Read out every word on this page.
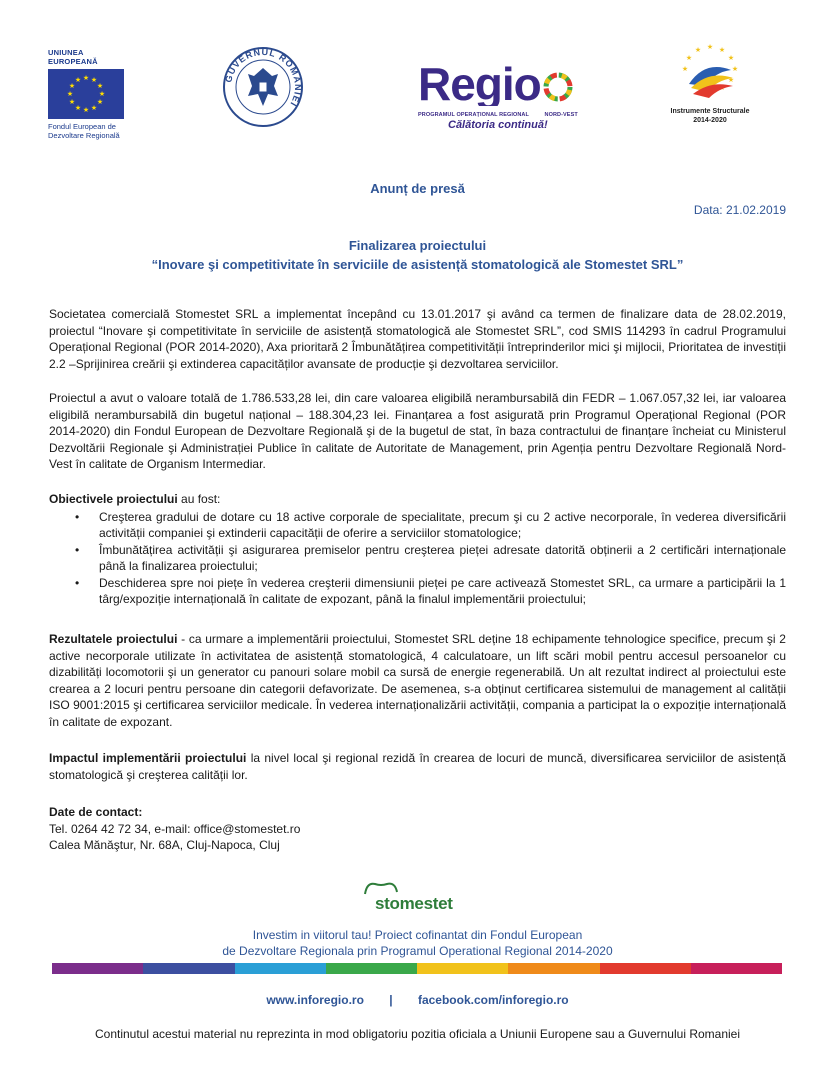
UNIUNEA EUROPEANĂ
★ ★
★
★
★
★
★
★
★
★
★
★
Fondul European de
Dezvoltare Regională
GUVERNUL ROMÂNIEI	Regio
PROGRAMUL OPERAȚIONAL REGIONAL	NORD-VEST
Călătoria continuă!
★ ★
★
★
★
★
★
★
Instrumente Structurale
2014-2020
Anunț de presă
Data: 21.02.2019
Finalizarea proiectului
“Inovare şi competitivitate în serviciile de asistență stomatologică ale Stomestet SRL”

Societatea comercială Stomestet SRL a implementat începând cu 13.01.2017 şi având ca termen de finalizare data de 28.02.2019, proiectul “Inovare şi competitivitate în serviciile de asistență stomatologică ale Stomestet SRL”, cod SMIS 114293 în cadrul Programului Operațional Regional (POR 2014-2020), Axa prioritară 2 Îmbunătățirea competitivității întreprinderilor mici şi mijlocii, Prioritatea de investiții 2.2 –Sprijinirea creării şi extinderea capacităților avansate de producție şi dezvoltarea serviciilor.

Proiectul a avut o valoare totală de 1.786.533,28 lei, din care valoarea eligibilă nerambursabilă din FEDR – 1.067.057,32 lei, iar valoarea eligibilă nerambursabilă din bugetul național – 188.304,23 lei. Finanțarea a fost asigurată prin Programul Operațional Regional (POR 2014-2020) din Fondul European de Dezvoltare Regională şi de la bugetul de stat, în baza contractului de finanțare încheiat cu Ministerul Dezvoltării Regionale şi Administrației Publice în calitate de Autoritate de Management, prin Agenția pentru Dezvoltare Regională Nord-Vest în calitate de Organism Intermediar.

Obiectivele proiectului au fost:
• Creşterea gradului de dotare cu 18 active corporale de specialitate, precum şi cu 2 active necorporale, în vederea diversificării activității companiei şi extinderii capacității de oferire a serviciilor stomatologice;
• Îmbunătățirea activității şi asigurarea premiselor pentru creşterea pieței adresate datorită obținerii a 2 certificări internaționale până la finalizarea proiectului;
• Deschiderea spre noi piețe în vederea creşterii dimensiunii pieței pe care activează Stomestet SRL, ca urmare a participării la 1 târg/expoziție internațională în calitate de expozant, până la finalul implementării proiectului;

Rezultatele proiectului - ca urmare a implementării proiectului, Stomestet SRL deține 18 echipamente tehnologice specifice, precum şi 2 active necorporale utilizate în activitatea de asistență stomatologică, 4 calculatoare, un lift scări mobil pentru accesul persoanelor cu dizabilități locomotorii şi un generator cu panouri solare mobil ca sursă de energie regenerabilă. Un alt rezultat indirect al proiectului este crearea a 2 locuri pentru persoane din categorii defavorizate. De asemenea, s-a obținut certificarea sistemului de management al calității ISO 9001:2015 şi certificarea serviciilor medicale. În vederea internaționalizării activității, compania a participat la o expoziție internațională în calitate de expozant.

Impactul implementării proiectului la nivel local şi regional rezidă în crearea de locuri de muncă, diversificarea serviciilor de asistență stomatologică şi creşterea calității lor.

Date de contact:
Tel. 0264 42 72 34, e-mail: office@stomestet.ro
Calea Mănăştur, Nr. 68A, Cluj-Napoca, Cluj
stomestet
Investim in viitorul tau! Proiect cofinantat din Fondul European
de Dezvoltare Regionala prin Programul Operational Regional 2014-2020
www.inforegio.ro | facebook.com/inforegio.ro
Continutul acestui material nu reprezinta in mod obligatoriu pozitia oficiala a Uniunii Europene sau a Guvernului Romaniei
